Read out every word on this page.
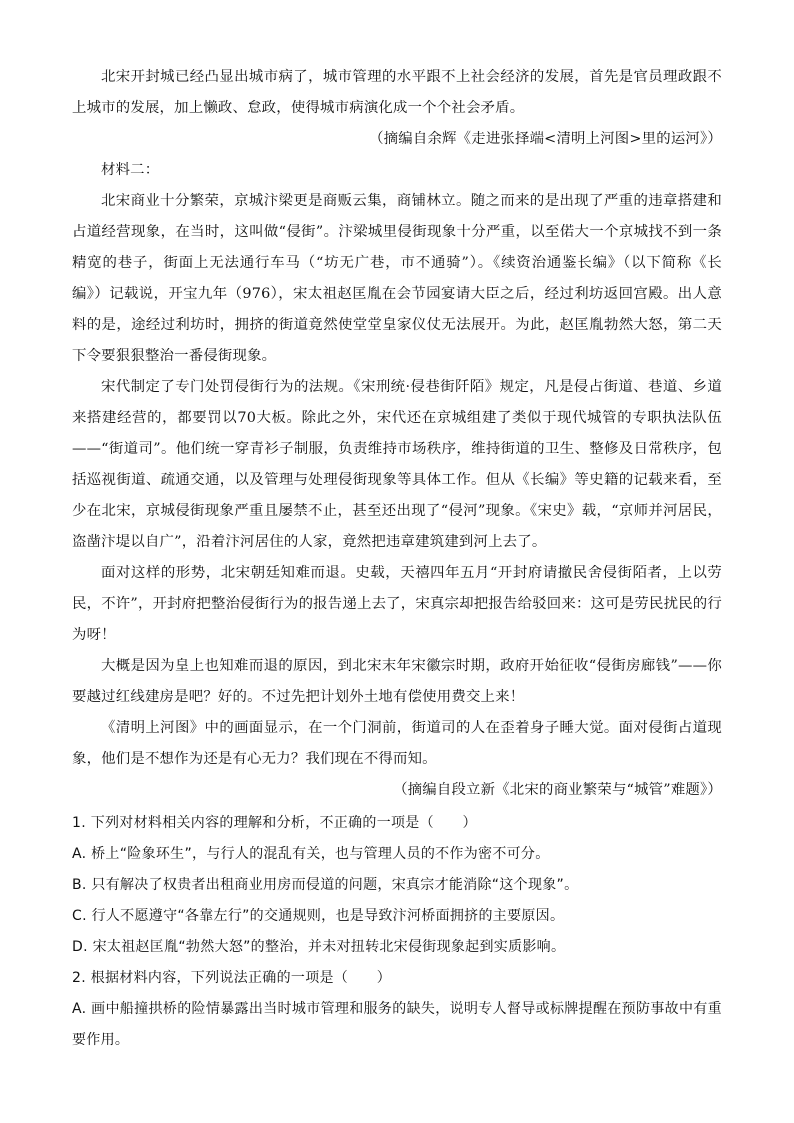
北宋开封城已经凸显出城市病了，城市管理的水平跟不上社会经济的发展，首先是官员理政跟不上城市的发展，加上懒政、怠政，使得城市病演化成一个个社会矛盾。

（摘编自余辉《走进张择端<清明上河图>里的运河》）

材料二：

北宋商业十分繁荣，京城汴梁更是商贩云集，商铺林立。随之而来的是出现了严重的违章搭建和占道经营现象，在当时，这叫做“侵街”。汴梁城里侵街现象十分严重，以至偌大一个京城找不到一条精宽的巷子，街面上无法通行车马（“坊无广巷，市不通骑”）。《续资治通鉴长编》（以下简称《长编》）记载说，开宝九年（976），宋太祖赵匡胤在会节园宴请大臣之后，经过利坊返回宫殿。出人意料的是，途经过利坊时，拥挤的街道竟然使堂堂皇家仪仗无法展开。为此，赵匡胤勃然大怒，第二天下令要狠狠整治一番侵街现象。

宋代制定了专门处罚侵街行为的法规。《宋刑统·侵巷街阡陌》规定，凡是侵占街道、巷道、乡道来搭建经营的，都要罚以70大板。除此之外，宋代还在京城组建了类似于现代城管的专职执法队伍——“街道司”。他们统一穿青衫子制服，负责维持市场秩序，维持街道的卫生、整修及日常秩序，包括巡视街道、疏通交通，以及管理与处理侵街现象等具体工作。但从《长编》等史籍的记载来看，至少在北宋，京城侵街现象严重且屡禁不止，甚至还出现了“侵河”现象。《宋史》载，“京师并河居民，盗凿汴堤以自广”，沿着汴河居住的人家，竟然把违章建筑建到河上去了。

面对这样的形势，北宋朝廷知难而退。史载，天禧四年五月“开封府请撤民舍侵街陌者，上以劳民，不许”，开封府把整治侵街行为的报告递上去了，宋真宗却把报告给驳回来：这可是劳民扰民的行为呀！

大概是因为皇上也知难而退的原因，到北宋末年宋徽宗时期，政府开始征收“侵街房廊钱”——你要越过红线建房是吧？好的。不过先把计划外土地有偿使用费交上来！

《清明上河图》中的画面显示，在一个门洞前，街道司的人在歪着身子睡大觉。面对侵街占道现象，他们是不想作为还是有心无力？我们现在不得而知。

（摘编自段立新《北宋的商业繁荣与“城管”难题》）

1. 下列对材料相关内容的理解和分析，不正确的一项是（　　）

A. 桥上“险象环生”，与行人的混乱有关，也与管理人员的不作为密不可分。

B. 只有解决了权贵者出租商业用房而侵道的问题，宋真宗才能消除“这个现象”。

C. 行人不愿遵守“各靠左行”的交通规则，也是导致汴河桥面拥挤的主要原因。

D. 宋太祖赵匡胤“勃然大怒”的整治，并未对扭转北宋侵街现象起到实质影响。

2. 根据材料内容，下列说法正确的一项是（　　）

A. 画中船撞拱桥的险情暴露出当时城市管理和服务的缺失，说明专人督导或标牌提醒在预防事故中有重要作用。
